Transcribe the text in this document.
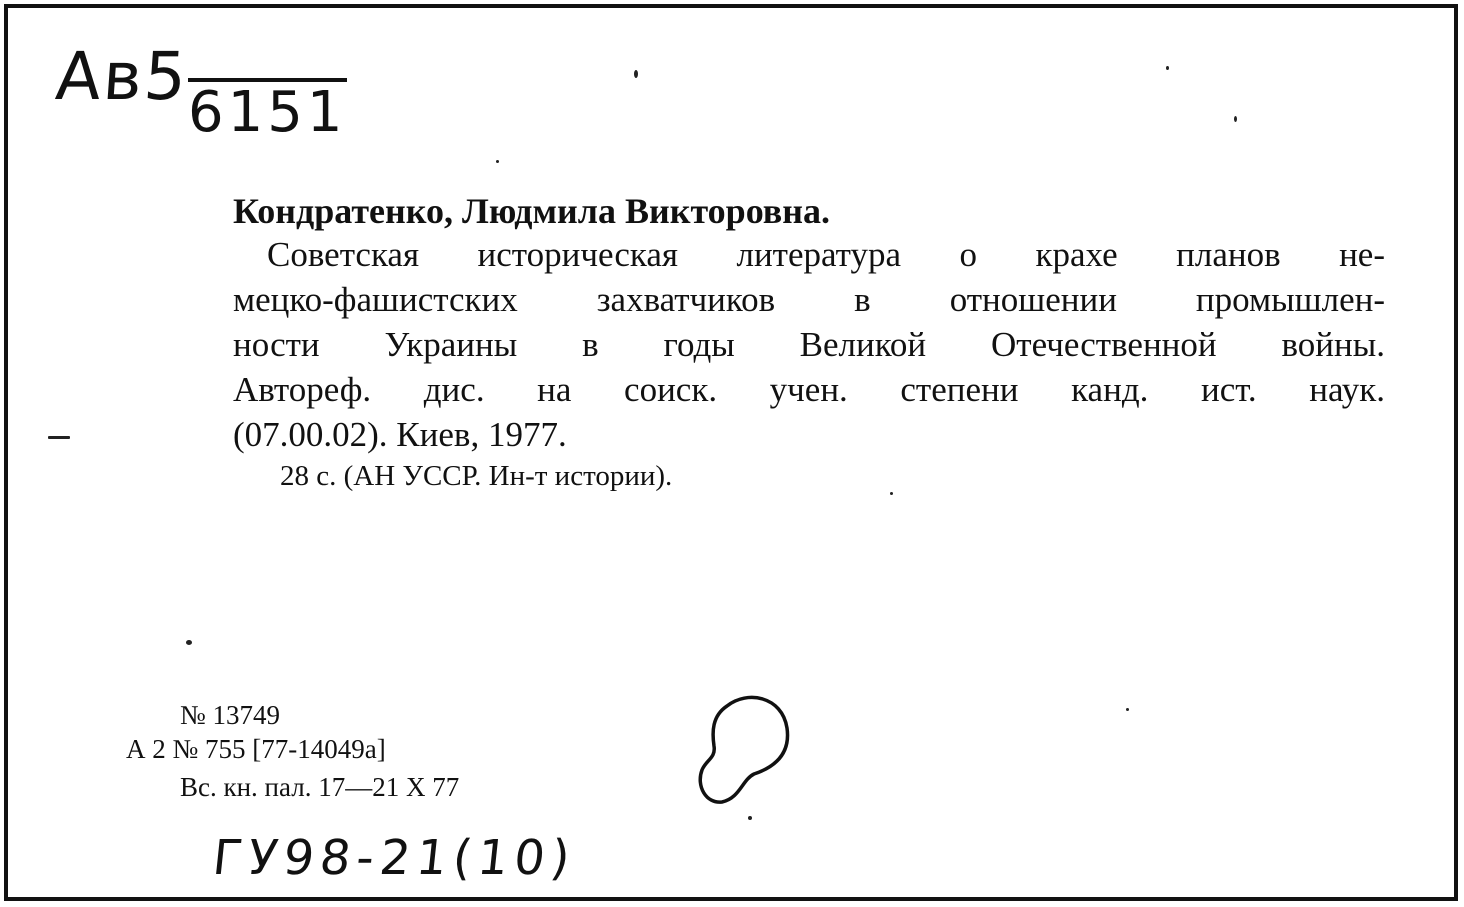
Ав5
6151
Кондратенко, Людмила Викторовна.
Советская историческая литература о крахе планов не-
мецко-фашистских захватчиков в отношении промышлен-
ности Украины в годы Великой Отечественной войны.
Автореф. дис. на соиск. учен. степени канд. ист. наук.
(07.00.02). Киев, 1977.
28 с. (АН УССР. Ин-т истории).
№ 13749
А 2 № 755 [77-14049а]
Вс. кн. пал. 17—21 X 77
ГУ98-21(10)
